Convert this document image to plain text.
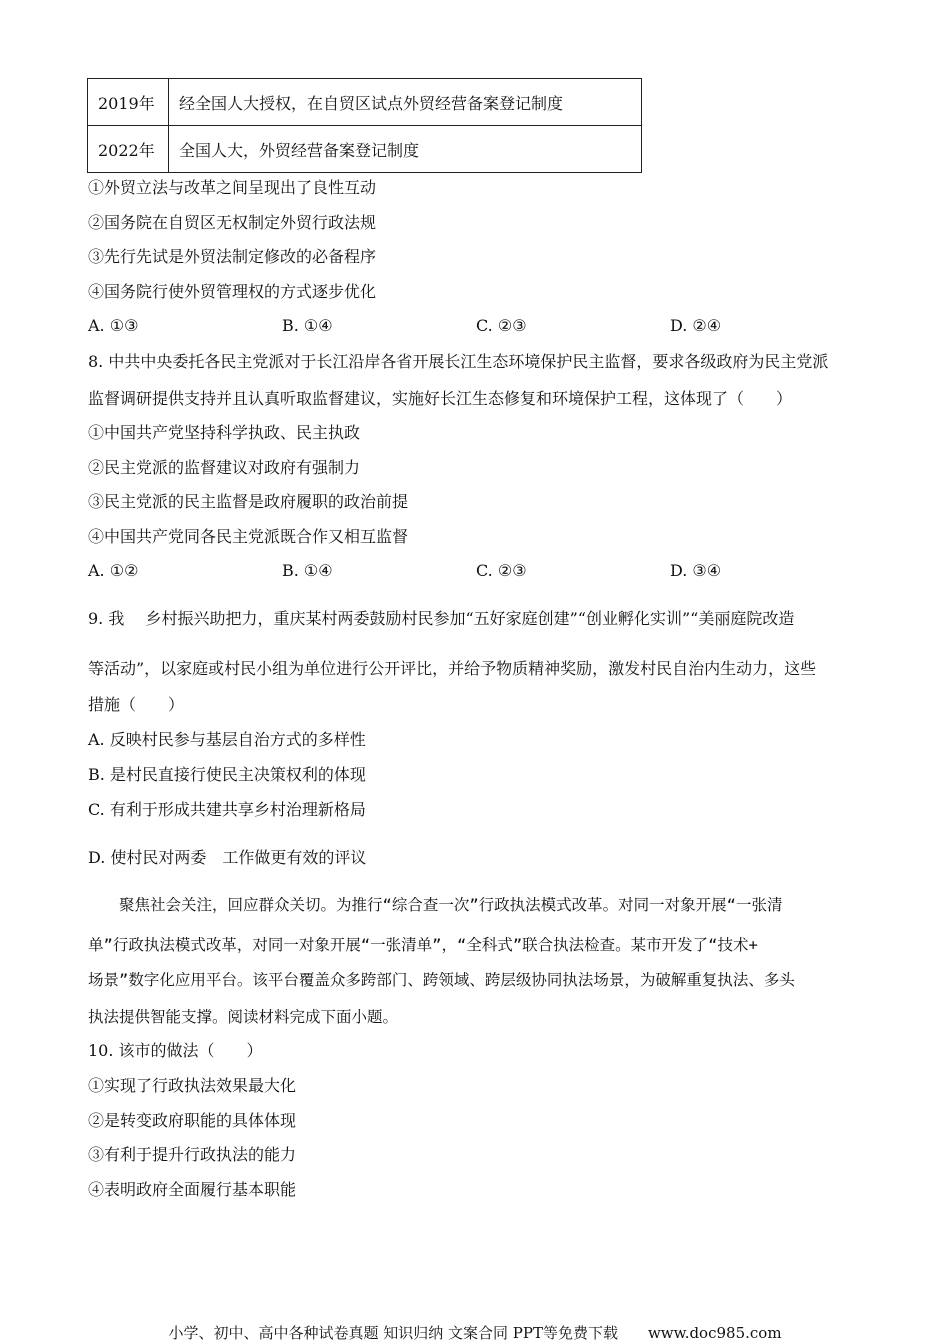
2019年	经全国人大授权，在自贸区试点外贸经营备案登记制度
2022年	全国人大，外贸经营备案登记制度
①外贸立法与改革之间呈现出了良性互动
②国务院在自贸区无权制定外贸行政法规
③先行先试是外贸法制定修改的必备程序
④国务院行使外贸管理权的方式逐步优化
A. ①③	B. ①④	C. ②③	D. ②④
8. 中共中央委托各民主党派对于长江沿岸各省开展长江生态环境保护民主监督，要求各级政府为民主党派
监督调研提供支持并且认真听取监督建议，实施好长江生态修复和环境保护工程，这体现了（　　）
①中国共产党坚持科学执政、民主执政
②民主党派的监督建议对政府有强制力
③民主党派的民主监督是政府履职的政治前提
④中国共产党同各民主党派既合作又相互监督
A. ①②	B. ①④	C. ②③	D. ③④
9. 我　 乡村振兴助把力，重庆某村两委鼓励村民参加“五好家庭创建”“创业孵化实训”“美丽庭院改造
等活动”，以家庭或村民小组为单位进行公开评比，并给予物质精神奖励，激发村民自治内生动力，这些
措施（　　）
A. 反映村民参与基层自治方式的多样性
B. 是村民直接行使民主决策权利的体现
C. 有利于形成共建共享乡村治理新格局
D. 使村民对两委　工作做更有效的评议
　　聚焦社会关注，回应群众关切。为推行“综合查一次”行政执法模式改革。对同一对象开展“一张清
单”行政执法模式改革，对同一对象开展“一张清单”，“全科式”联合执法检查。某市开发了“技术+
场景”数字化应用平台。该平台覆盖众多跨部门、跨领域、跨层级协同执法场景，为破解重复执法、多头
执法提供智能支撑。阅读材料完成下面小题。
10. 该市的做法（　　）
①实现了行政执法效果最大化
②是转变政府职能的具体体现
③有利于提升行政执法的能力
④表明政府全面履行基本职能
小学、初中、高中各种试卷真题 知识归纳 文案合同 PPT等免费下载　　www.doc985.com
